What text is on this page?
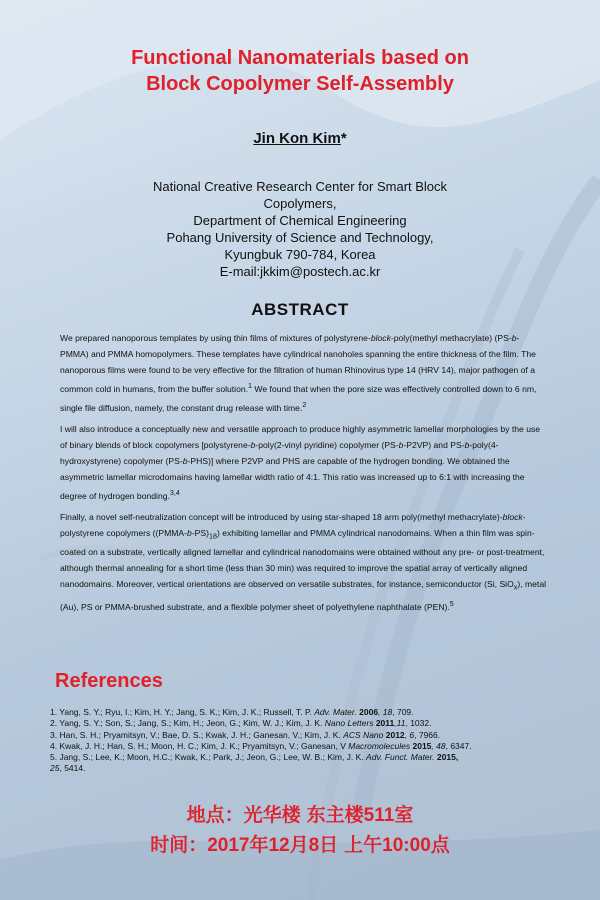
Functional Nanomaterials based on
Block Copolymer Self-Assembly
Jin Kon Kim*
National Creative Research Center for Smart Block
Copolymers,
Department of Chemical Engineering
Pohang University of Science and Technology,
Kyungbuk 790-784, Korea
E-mail:jkkim@postech.ac.kr
ABSTRACT

We prepared nanoporous templates by using thin films of mixtures of polystyrene-block-poly(methyl methacrylate) (PS-b-PMMA) and PMMA homopolymers. These templates have cylindrical nanoholes spanning the entire thickness of the film. The nanoporous films were found to be very effective for the filtration of human Rhinovirus type 14 (HRV 14), major pathogen of a common cold in humans, from the buffer solution.$^1$ We found that when the pore size was effectively controlled down to 6 nm, single file diffusion, namely, the constant drug release with time.$^2$

I will also introduce a conceptually new and versatile approach to produce highly asymmetric lamellar morphologies by the use of binary blends of block copolymers [polystyrene-b-poly(2-vinyl pyridine) copolymer (PS-b-P2VP) and PS-b-poly(4-hydroxystyrene) copolymer (PS-b-PHS)] where P2VP and PHS are capable of the hydrogen bonding. We obtained the asymmetric lamellar microdomains having lamellar width ratio of 4:1. This ratio was increased up to 6:1 with increasing the degree of hydrogen bonding.$^{3,4}$

Finally, a novel self-neutralization concept will be introduced by using star-shaped 18 arm poly(methyl methacrylate)-block-polystyrene copolymers $((PMMA-b-PS)_{18})$ exhibiting lamellar and PMMA cylindrical nanodomains. When a thin film was spin-coated on a substrate, vertically aligned lamellar and cylindrical nanodomains were obtained without any pre- or post-treatment, although thermal annealing for a short time (less than 30 min) was required to improve the spatial array of vertically aligned nanodomains. Moreover, vertical orientations are observed on versatile substrates, for instance, semiconductor (Si, SiO$_x$), metal (Au), PS or PMMA-brushed substrate, and a flexible polymer sheet of polyethylene naphthalate (PEN).$^5$

References
1. Yang, S. Y.; Ryu, I.; Kim, H. Y.; Jang, S. K.; Kim, J. K.; Russell, T. P. Adv. Mater. 2006, 18, 709.
2. Yang, S. Y.; Son, S.; Jang, S.; Kim, H.; Jeon, G.; Kim, W. J.; Kim, J. K. Nano Letters 2011,11, 1032.
3. Han, S. H.; Pryamitsyn, V.; Bae, D. S.; Kwak, J. H.; Ganesan, V.; Kim, J. K. ACS Nano 2012, 6, 7966.
4. Kwak, J. H.; Han, S. H.; Moon, H. C.; Kim, J. K.; Pryamitsyn, V.; Ganesan, V Macromolecules 2015, 48, 6347.
5. Jang, S.; Lee, K.; Moon, H.C.; Kwak, K.; Park, J.; Jeon, G.; Lee, W. B.; Kim, J. K. Adv. Funct. Mater. 2015,
25, 5414.
地点：光华楼 东主楼511室
时间：2017年12月8日 上午10:00点
